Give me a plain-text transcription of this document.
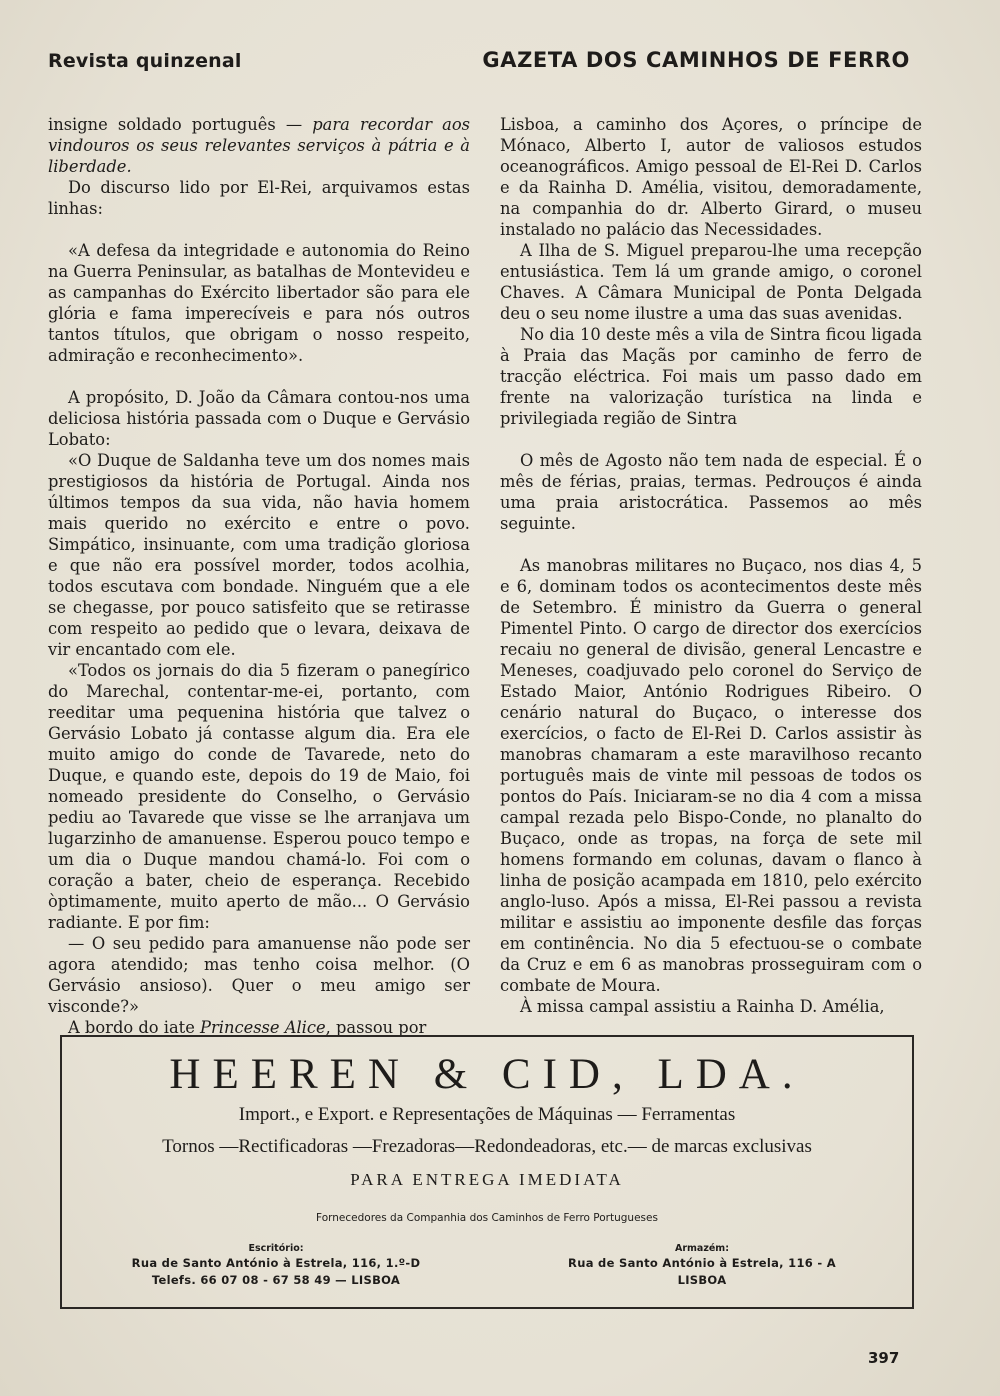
Revista quinzenal	GAZETA DOS CAMINHOS DE FERRO

insigne soldado português — para recordar aos vindouros os seus relevantes serviços à pátria e à liberdade.

Do discurso lido por El-Rei, arquivamos estas linhas:

«A defesa da integridade e autonomia do Reino na Guerra Peninsular, as batalhas de Montevideu e as campanhas do Exército libertador são para ele glória e fama imperecíveis e para nós outros tantos títulos, que obrigam o nosso respeito, admiração e reconhecimento».

A propósito, D. João da Câmara contou-nos uma deliciosa história passada com o Duque e Gervásio Lobato:

«O Duque de Saldanha teve um dos nomes mais prestigiosos da história de Portugal. Ainda nos últimos tempos da sua vida, não havia homem mais querido no exército e entre o povo. Simpático, insinuante, com uma tradição gloriosa e que não era possível morder, todos acolhia, todos escutava com bondade. Ninguém que a ele se chegasse, por pouco satisfeito que se retirasse com respeito ao pedido que o levara, deixava de vir encantado com ele.

«Todos os jornais do dia 5 fizeram o panegírico do Marechal, contentar-me-ei, portanto, com reeditar uma pequenina história que talvez o Gervásio Lobato já contasse algum dia. Era ele muito amigo do conde de Tavarede, neto do Duque, e quando este, depois do 19 de Maio, foi nomeado presidente do Conselho, o Gervásio pediu ao Tavarede que visse se lhe arranjava um lugarzinho de amanuense. Esperou pouco tempo e um dia o Duque mandou chamá-lo. Foi com o coração a bater, cheio de esperança. Recebido òptimamente, muito aperto de mão... O Gervásio radiante. E por fim:

— O seu pedido para amanuense não pode ser agora atendido; mas tenho coisa melhor. (O Gervásio ansioso). Quer o meu amigo ser visconde?»

A bordo do iate Princesse Alice, passou por

Lisboa, a caminho dos Açores, o príncipe de Mónaco, Alberto I, autor de valiosos estudos oceanográficos. Amigo pessoal de El-Rei D. Carlos e da Rainha D. Amélia, visitou, demoradamente, na companhia do dr. Alberto Girard, o museu instalado no palácio das Necessidades.

A Ilha de S. Miguel preparou-lhe uma recepção entusiástica. Tem lá um grande amigo, o coronel Chaves. A Câmara Municipal de Ponta Delgada deu o seu nome ilustre a uma das suas avenidas.

No dia 10 deste mês a vila de Sintra ficou ligada à Praia das Maçãs por caminho de ferro de tracção eléctrica. Foi mais um passo dado em frente na valorização turística na linda e privilegiada região de Sintra

O mês de Agosto não tem nada de especial. É o mês de férias, praias, termas. Pedrouços é ainda uma praia aristocrática. Passemos ao mês seguinte.

As manobras militares no Buçaco, nos dias 4, 5 e 6, dominam todos os acontecimentos deste mês de Setembro. É ministro da Guerra o general Pimentel Pinto. O cargo de director dos exercícios recaiu no general de divisão, general Lencastre e Meneses, coadjuvado pelo coronel do Serviço de Estado Maior, António Rodrigues Ribeiro. O cenário natural do Buçaco, o interesse dos exercícios, o facto de El-Rei D. Carlos assistir às manobras chamaram a este maravilhoso recanto português mais de vinte mil pessoas de todos os pontos do País. Iniciaram-se no dia 4 com a missa campal rezada pelo Bispo-Conde, no planalto do Buçaco, onde as tropas, na força de sete mil homens formando em colunas, davam o flanco à linha de posição acampada em 1810, pelo exército anglo-luso. Após a missa, El-Rei passou a revista militar e assistiu ao imponente desfile das forças em continência. No dia 5 efectuou-se o combate da Cruz e em 6 as manobras prosseguiram com o combate de Moura.

À missa campal assistiu a Rainha D. Amélia,

HEEREN & CID, LDA.
Import., e Export. e Representações de Máquinas — Ferramentas
Tornos —Rectificadoras —Frezadoras—Redondeadoras, etc.— de marcas exclusivas
PARA ENTREGA IMEDIATA
Fornecedores da Companhia dos Caminhos de Ferro Portugueses
Escritório:
Rua de Santo António à Estrela, 116, 1.º-D
Telefs. 66 07 08 - 67 58 49 — LISBOA
Armazém:
Rua de Santo António à Estrela, 116 - A
LISBOA
397
